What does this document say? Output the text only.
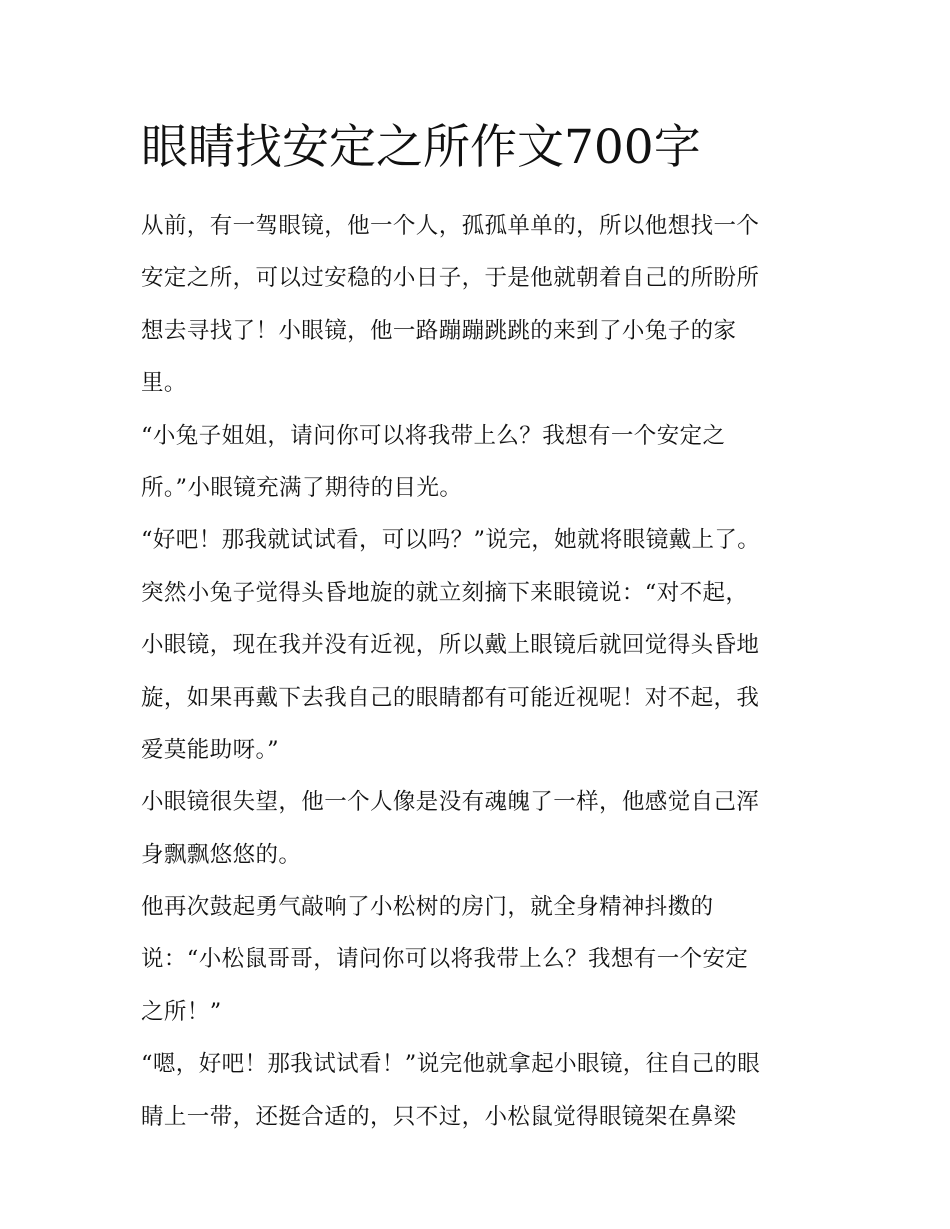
眼睛找安定之所作文700字
从前，有一驾眼镜，他一个人，孤孤单单的，所以他想找一个
安定之所，可以过安稳的小日子，于是他就朝着自己的所盼所
想去寻找了！小眼镜，他一路蹦蹦跳跳的来到了小兔子的家
里。
“小兔子姐姐，请问你可以将我带上么？我想有一个安定之
所。”小眼镜充满了期待的目光。
“好吧！那我就试试看，可以吗？”说完，她就将眼镜戴上了。
突然小兔子觉得头昏地旋的就立刻摘下来眼镜说：“对不起，
小眼镜，现在我并没有近视，所以戴上眼镜后就回觉得头昏地
旋，如果再戴下去我自己的眼睛都有可能近视呢！对不起，我
爱莫能助呀。”
小眼镜很失望，他一个人像是没有魂魄了一样，他感觉自己浑
身飘飘悠悠的。
他再次鼓起勇气敲响了小松树的房门，就全身精神抖擞的
说：“小松鼠哥哥，请问你可以将我带上么？我想有一个安定
之所！”
“嗯，好吧！那我试试看！”说完他就拿起小眼镜，往自己的眼
睛上一带，还挺合适的，只不过，小松鼠觉得眼镜架在鼻梁
